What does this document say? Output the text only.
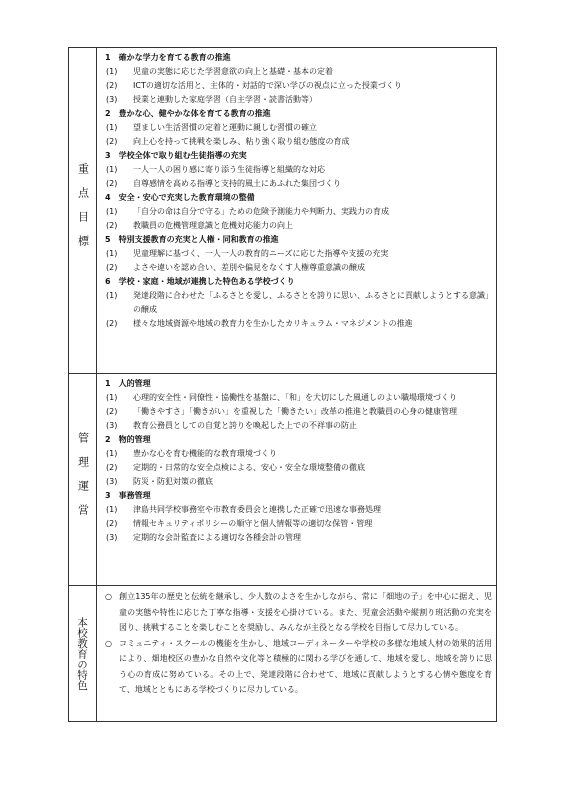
重点目標
1　確かな学力を育てる教育の推進
(1)	児童の実態に応じた学習意欲の向上と基礎・基本の定着
(2)	ICTの適切な活用と、主体的・対話的で深い学びの視点に立った授業づくり
(3)	授業と連動した家庭学習（自主学習・読書活動等）
2　豊かな心、健やかな体を育てる教育の推進
(1)	望ましい生活習慣の定着と運動に親しむ習慣の確立
(2)	向上心を持って挑戦を楽しみ、粘り強く取り組む態度の育成
3　学校全体で取り組む生徒指導の充実
(1)	一人一人の困り感に寄り添う生徒指導と組織的な対応
(2)	自尊感情を高める指導と支持的風土にあふれた集団づくり
4　安全・安心で充実した教育環境の整備
(1)	「自分の命は自分で守る」ための危険予測能力や判断力、実践力の育成
(2)	教職員の危機管理意識と危機対応能力の向上
5　特別支援教育の充実と人権・同和教育の推進
(1)	児童理解に基づく、一人一人の教育的ニーズに応じた指導や支援の充実
(2)	よさや違いを認め合い、差別や偏見をなくす人権尊重意識の醸成
6　学校・家庭・地域が連携した特色ある学校づくり
(1)	発達段階に合わせた「ふるさとを愛し、ふるさとを誇りに思い、ふるさとに貢献しようとする意識」の醸成
(2)	様々な地域資源や地域の教育力を生かしたカリキュラム・マネジメントの推進
管理運営
1　人的管理
(1)	心理的安全性・同僚性・協働性を基盤に、「和」を大切にした風通しのよい職場環境づくり
(2)	「働きやすさ」「働きがい」を重視した「働きたい」改革の推進と教職員の心身の健康管理
(3)	教育公務員としての自覚と誇りを喚起した上での不祥事の防止
2　物的管理
(1)	豊かな心を育む機能的な教育環境づくり
(2)	定期的・日常的な安全点検による、安心・安全な環境整備の徹底
(3)	防災・防犯対策の徹底
3　事務管理
(1)	津島共同学校事務室や市教育委員会と連携した正確で迅速な事務処理
(2)	情報セキュリティポリシーの順守と個人情報等の適切な保管・管理
(3)	定期的な会計監査による適切な各種会計の管理
本校教育の特色
○ 創立135年の歴史と伝統を継承し、少人数のよさを生かしながら、常に「畑地の子」を中心に据え、児童の実態や特性に応じた丁寧な指導・支援を心掛けている。また、児童会活動や縦割り班活動の充実を図り、挑戦することを楽しむことを奨励し、みんなが主役となる学校を目指して尽力している。
○ コミュニティ・スクールの機能を生かし、地域コーディネーターや学校の多様な地域人材の効果的活用により、畑地校区の豊かな自然や文化等と積極的に関わる学びを通して、地域を愛し、地域を誇りに思う心の育成に努めている。その上で、発達段階に合わせて、地域に貢献しようとする心情や態度を育て、地域とともにある学校づくりに尽力している。
